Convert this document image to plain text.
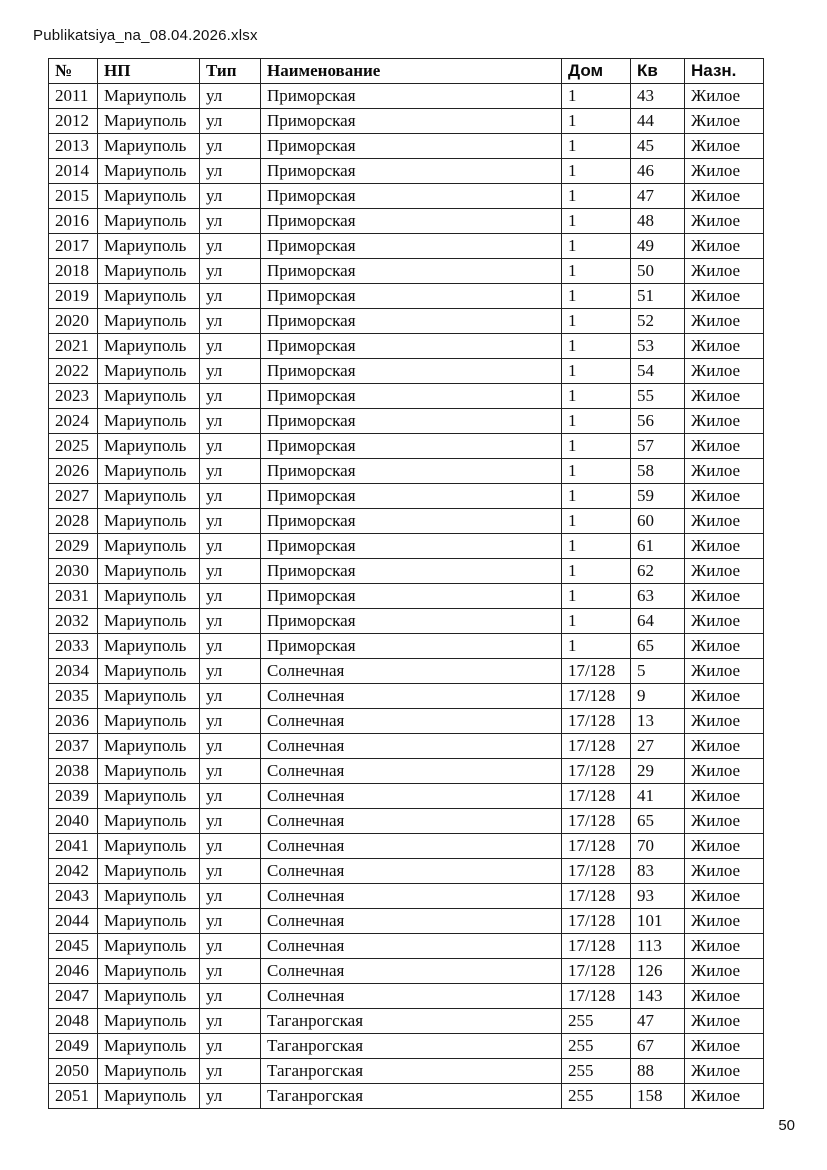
Publikatsiya_na_08.04.2026.xlsx
№	НП	Тип	Наименование	Дом	Кв	Назн.
2011	Мариуполь	ул	Приморская	1	43	Жилое
2012	Мариуполь	ул	Приморская	1	44	Жилое
2013	Мариуполь	ул	Приморская	1	45	Жилое
2014	Мариуполь	ул	Приморская	1	46	Жилое
2015	Мариуполь	ул	Приморская	1	47	Жилое
2016	Мариуполь	ул	Приморская	1	48	Жилое
2017	Мариуполь	ул	Приморская	1	49	Жилое
2018	Мариуполь	ул	Приморская	1	50	Жилое
2019	Мариуполь	ул	Приморская	1	51	Жилое
2020	Мариуполь	ул	Приморская	1	52	Жилое
2021	Мариуполь	ул	Приморская	1	53	Жилое
2022	Мариуполь	ул	Приморская	1	54	Жилое
2023	Мариуполь	ул	Приморская	1	55	Жилое
2024	Мариуполь	ул	Приморская	1	56	Жилое
2025	Мариуполь	ул	Приморская	1	57	Жилое
2026	Мариуполь	ул	Приморская	1	58	Жилое
2027	Мариуполь	ул	Приморская	1	59	Жилое
2028	Мариуполь	ул	Приморская	1	60	Жилое
2029	Мариуполь	ул	Приморская	1	61	Жилое
2030	Мариуполь	ул	Приморская	1	62	Жилое
2031	Мариуполь	ул	Приморская	1	63	Жилое
2032	Мариуполь	ул	Приморская	1	64	Жилое
2033	Мариуполь	ул	Приморская	1	65	Жилое
2034	Мариуполь	ул	Солнечная	17/128	5	Жилое
2035	Мариуполь	ул	Солнечная	17/128	9	Жилое
2036	Мариуполь	ул	Солнечная	17/128	13	Жилое
2037	Мариуполь	ул	Солнечная	17/128	27	Жилое
2038	Мариуполь	ул	Солнечная	17/128	29	Жилое
2039	Мариуполь	ул	Солнечная	17/128	41	Жилое
2040	Мариуполь	ул	Солнечная	17/128	65	Жилое
2041	Мариуполь	ул	Солнечная	17/128	70	Жилое
2042	Мариуполь	ул	Солнечная	17/128	83	Жилое
2043	Мариуполь	ул	Солнечная	17/128	93	Жилое
2044	Мариуполь	ул	Солнечная	17/128	101	Жилое
2045	Мариуполь	ул	Солнечная	17/128	113	Жилое
2046	Мариуполь	ул	Солнечная	17/128	126	Жилое
2047	Мариуполь	ул	Солнечная	17/128	143	Жилое
2048	Мариуполь	ул	Таганрогская	255	47	Жилое
2049	Мариуполь	ул	Таганрогская	255	67	Жилое
2050	Мариуполь	ул	Таганрогская	255	88	Жилое
2051	Мариуполь	ул	Таганрогская	255	158	Жилое
50
